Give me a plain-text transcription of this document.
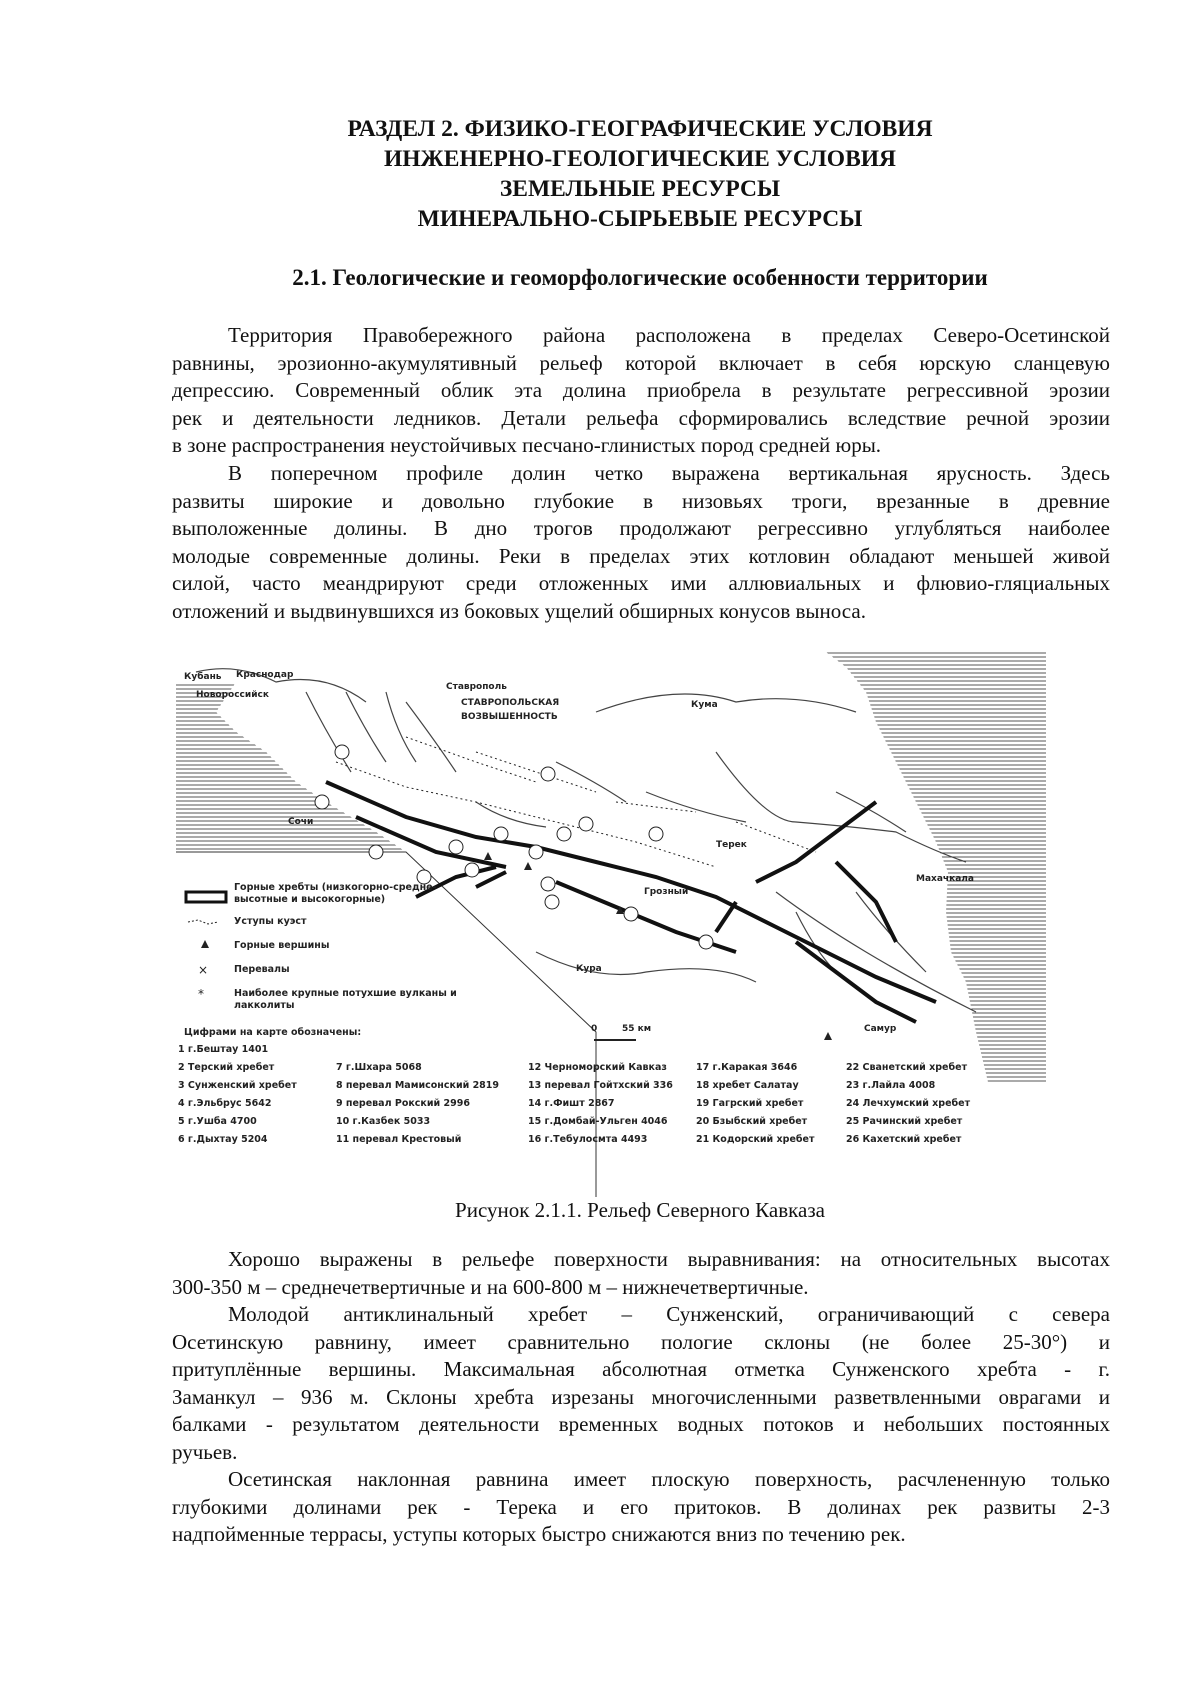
РАЗДЕЛ 2. ФИЗИКО-ГЕОГРАФИЧЕСКИЕ УСЛОВИЯ
ИНЖЕНЕРНО-ГЕОЛОГИЧЕСКИЕ УСЛОВИЯ
ЗЕМЕЛЬНЫЕ РЕСУРСЫ
МИНЕРАЛЬНО-СЫРЬЕВЫЕ РЕСУРСЫ
2.1. Геологические и геоморфологические особенности территории
Территория Правобережного района расположена в пределах Северо-Осетинской
равнины, эрозионно-акумулятивный рельеф которой включает в себя юрскую сланцевую
депрессию. Современный облик эта долина приобрела в результате регрессивной эрозии
рек и деятельности ледников. Детали рельефа сформировались вследствие речной эрозии
в зоне распространения неустойчивых песчано-глинистых пород средней юры.
В поперечном профиле долин четко выражена вертикальная ярусность. Здесь
развиты широкие и довольно глубокие в низовьях троги, врезанные в древние
выположенные долины. В дно трогов продолжают регрессивно углубляться наиболее
молодые современные долины. Реки в пределах этих котловин обладают меньшей живой
силой, часто меандрируют среди отложенных ими аллювиальных и флювио-гляциальных
отложений и выдвинувшихся из боковых ущелий обширных конусов выноса.
×
*
Кубань Краснодар
Новороссийск
Ставрополь
СТАВРОПОЛЬСКАЯ
ВОЗВЫШЕННОСТЬ
Кума
Сочи
Терек
Грозный
Махачкала
Кура
Самур
0	55 км
Горные хребты (низкогорно-средне-
высотные и высокогорные)
Уступы куэст
Горные вершины
Перевалы
Наиболее крупные потухшие вулканы и
лакколиты
Цифрами на карте обозначены:
1 г.Бештау 1401
2 Терский хребет
3 Сунженский хребет
4 г.Эльбрус 5642
5 г.Ушба 4700
6 г.Дыхтау 5204
7 г.Шхара 5068
8 перевал Мамисонский 2819
9 перевал Рокский 2996
10 г.Казбек 5033
11 перевал Крестовый
12 Черноморский Кавказ
13 перевал Гойтхский 336
14 г.Фишт 2867
15 г.Домбай-Ульген 4046
16 г.Тебулосмта 4493
17 г.Каракая 3646
18 хребет Салатау
19 Гагрский хребет
20 Бзыбский хребет
21 Кодорский хребет
22 Сванетский хребет
23 г.Лайла 4008
24 Лечхумский хребет
25 Рачинский хребет
26 Кахетский хребет
Рисунок 2.1.1. Рельеф Северного Кавказа
Хорошо выражены в рельефе поверхности выравнивания: на относительных высотах
300-350 м – среднечетвертичные и на 600-800 м – нижнечетвертичные.
Молодой антиклинальный хребет – Сунженский, ограничивающий с севера
Осетинскую равнину, имеет сравнительно пологие склоны (не более 25-30°) и
притуплённые вершины. Максимальная абсолютная отметка Сунженского хребта - г.
Заманкул – 936 м. Склоны хребта изрезаны многочисленными разветвленными оврагами и
балками - результатом деятельности временных водных потоков и небольших постоянных
ручьев.
Осетинская наклонная равнина имеет плоскую поверхность, расчлененную только
глубокими долинами рек - Терека и его притоков. В долинах рек развиты 2-3
надпойменные террасы, уступы которых быстро снижаются вниз по течению рек.
